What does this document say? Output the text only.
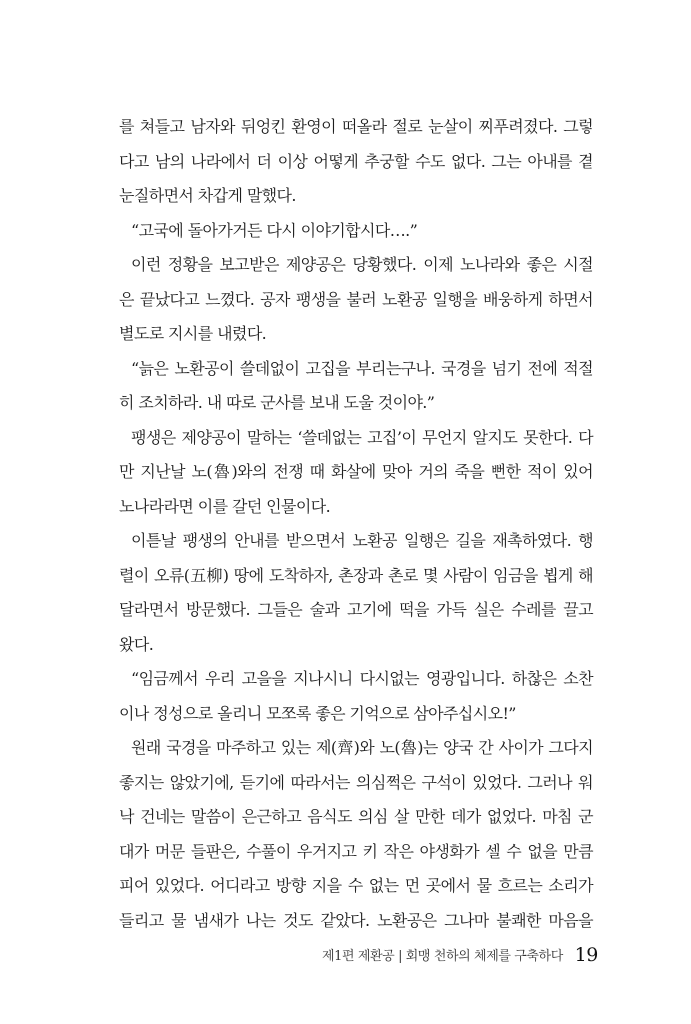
를 쳐들고 남자와 뒤엉킨 환영이 떠올라 절로 눈살이 찌푸려졌다. 그렇
다고 남의 나라에서 더 이상 어떻게 추궁할 수도 없다. 그는 아내를 곁
눈질하면서 차갑게 말했다.
“고국에 돌아가거든 다시 이야기합시다….”
이런 정황을 보고받은 제양공은 당황했다. 이제 노나라와 좋은 시절
은 끝났다고 느꼈다. 공자 팽생을 불러 노환공 일행을 배웅하게 하면서
별도로 지시를 내렸다.
“늙은 노환공이 쓸데없이 고집을 부리는구나. 국경을 넘기 전에 적절
히 조치하라. 내 따로 군사를 보내 도울 것이야.”
팽생은 제양공이 말하는 ‘쓸데없는 고집’이 무언지 알지도 못한다. 다
만 지난날 노(魯)와의 전쟁 때 화살에 맞아 거의 죽을 뻔한 적이 있어
노나라라면 이를 갈던 인물이다.
이튿날 팽생의 안내를 받으면서 노환공 일행은 길을 재촉하였다. 행
렬이 오류(五柳) 땅에 도착하자, 촌장과 촌로 몇 사람이 임금을 뵙게 해
달라면서 방문했다. 그들은 술과 고기에 떡을 가득 실은 수레를 끌고
왔다.
“임금께서 우리 고을을 지나시니 다시없는 영광입니다. 하찮은 소찬
이나 정성으로 올리니 모쪼록 좋은 기억으로 삼아주십시오!”
원래 국경을 마주하고 있는 제(齊)와 노(魯)는 양국 간 사이가 그다지
좋지는 않았기에, 듣기에 따라서는 의심쩍은 구석이 있었다. 그러나 워
낙 건네는 말씀이 은근하고 음식도 의심 살 만한 데가 없었다. 마침 군
대가 머문 들판은, 수풀이 우거지고 키 작은 야생화가 셀 수 없을 만큼
피어 있었다. 어디라고 방향 지을 수 없는 먼 곳에서 물 흐르는 소리가
들리고 물 냄새가 나는 것도 같았다. 노환공은 그나마 불쾌한 마음을
제1편 제환공 | 회맹 천하의 체제를 구축하다 19
